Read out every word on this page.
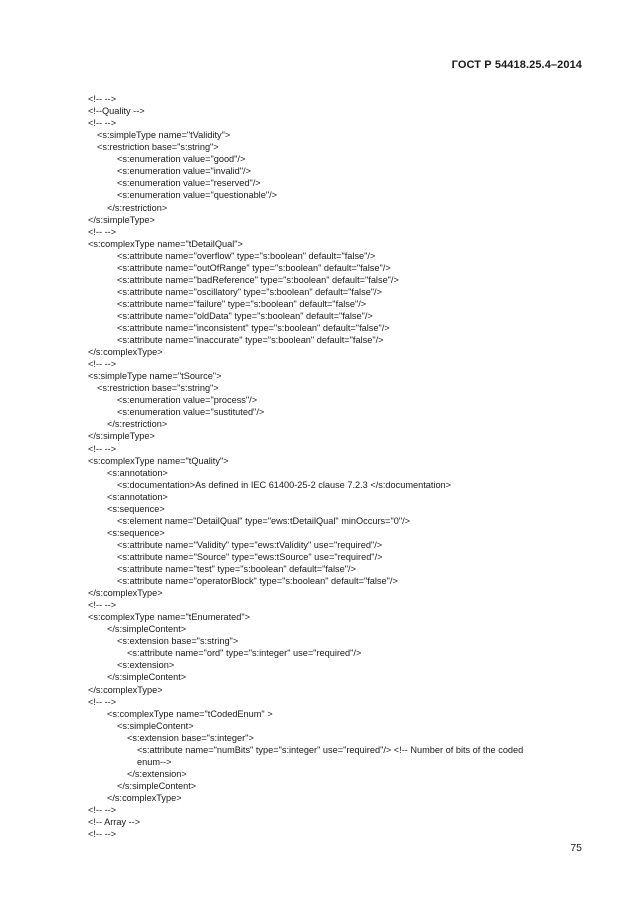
ГОСТ Р 54418.25.4–2014
<!-- -->
<!--Quality -->
<!-- -->
<s:simpleType name="tValidity">
<s:restriction base="s:string">
<s:enumeration value="good"/>
<s:enumeration value="invalid"/>
<s:enumeration value="reserved"/>
<s:enumeration value="questionable"/>
</s:restriction>
</s:simpleType>
<!-- -->
<s:complexType name="tDetailQual">
<s:attribute name="overflow" type="s:boolean" default="false"/>
<s:attribute name="outOfRange" type="s:boolean" default="false"/>
<s:attribute name="badReference" type="s:boolean" default="false"/>
<s:attribute name="oscillatory" type="s:boolean" default="false"/>
<s:attribute name="failure" type="s:boolean" default="false"/>
<s:attribute name="oldData" type="s:boolean" default="false"/>
<s:attribute name="inconsistent" type="s:boolean" default="false"/>
<s:attribute name="inaccurate" type="s:boolean" default="false"/>
</s:complexType>
<!-- -->
<s:simpleType name="tSource">
<s:restriction base="s:string">
<s:enumeration value="process"/>
<s:enumeration value="sustituted"/>
</s:restriction>
</s:simpleType>
<!-- -->
<s:complexType name="tQuality">
<s:annotation>
<s:documentation>As defined in IEC 61400-25-2 clause 7.2.3 </s:documentation>
<s:annotation>
<s:sequence>
<s:element name="DetailQual" type="ews:tDetailQual" minOccurs="0"/>
<s:sequence>
<s:attribute name="Validity" type="ews:tValidity" use="required"/>
<s:attribute name="Source" type="ews:tSource" use="required"/>
<s:attribute name="test" type="s:boolean" default="false"/>
<s:attribute name="operatorBlock" type="s:boolean" default="false"/>
</s:complexType>
<!-- -->
<s:complexType name="tEnumerated">
</s:simpleContent>
<s:extension base="s:string">
<s:attribute name="ord" type="s:integer" use="required"/>
<s:extension>
</s:simpleContent>
</s:complexType>
<!-- -->
<s:complexType name="tCodedEnum" >
<s:simpleContent>
<s:extension base="s:integer">
<s:attribute name="numBits" type="s:integer" use="required"/> <!-- Number of bits of the coded
enum-->
</s:extension>
</s:simpleContent>
</s:complexType>
<!-- -->
<!-- Array -->
<!-- -->
75
